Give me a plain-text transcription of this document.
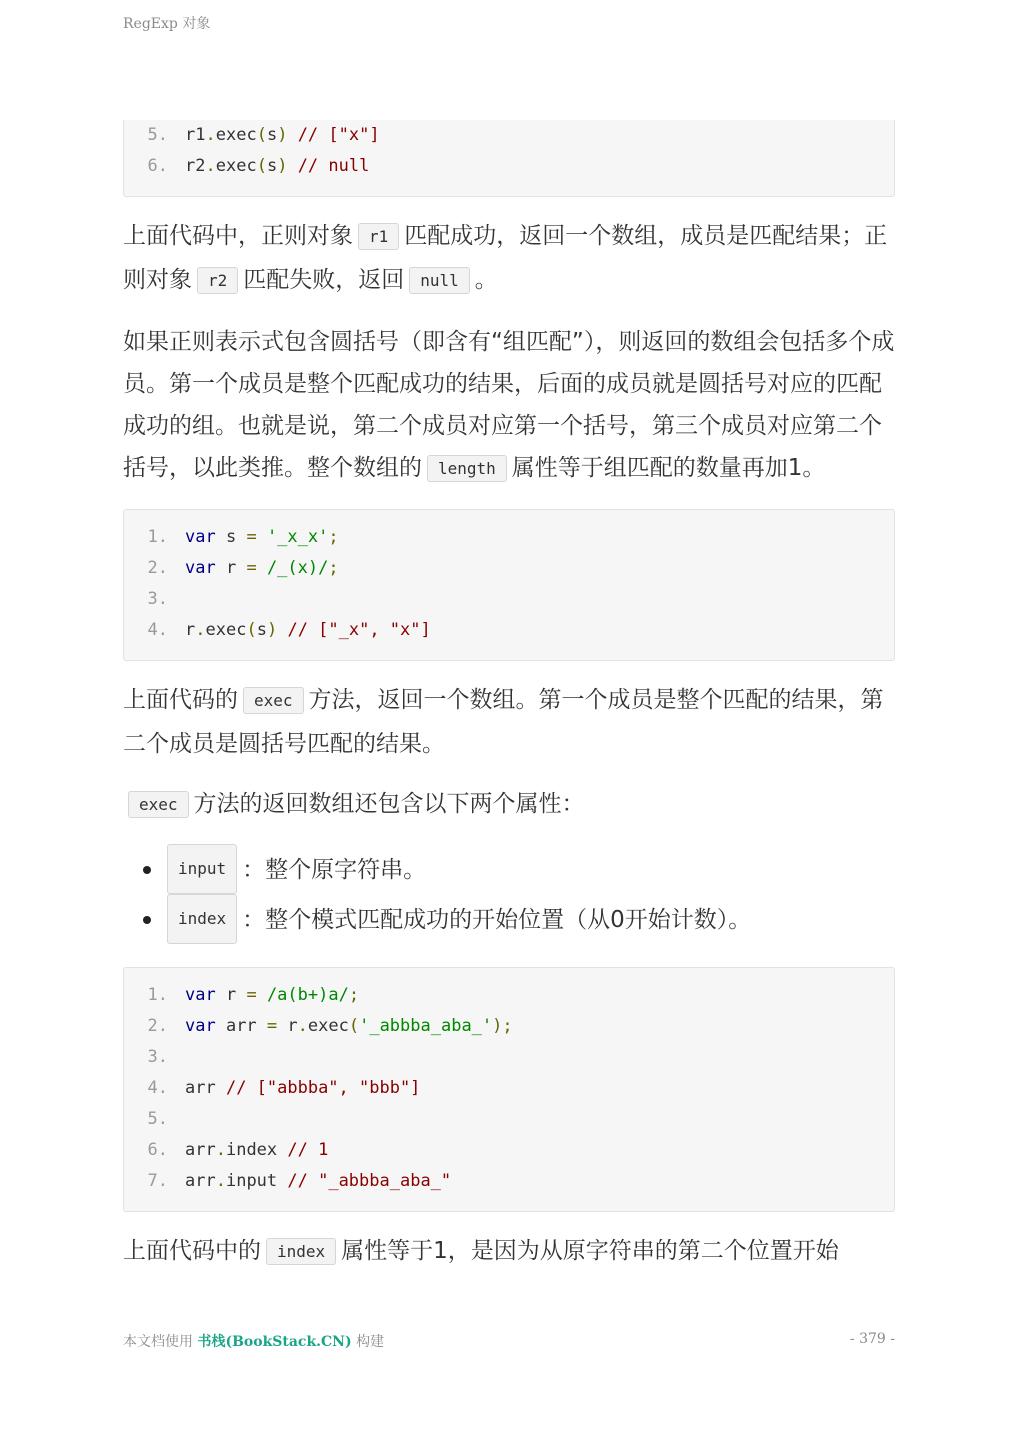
RegExp 对象
5.	r1.exec(s) // ["x"]
6.	r2.exec(s) // null

上面代码中，正则对象 r1 匹配成功，返回一个数组，成员是匹配结果；正则对象 r2 匹配失败，返回 null 。

如果正则表示式包含圆括号（即含有“组匹配”），则返回的数组会包括多个成员。第一个成员是整个匹配成功的结果，后面的成员就是圆括号对应的匹配成功的组。也就是说，第二个成员对应第一个括号，第三个成员对应第二个括号，以此类推。整个数组的 length 属性等于组匹配的数量再加1。

1.	var s = '_x_x';
2.	var r = /_(x)/;
3.
4.	r.exec(s) // ["_x", "x"]

上面代码的 exec 方法，返回一个数组。第一个成员是整个匹配的结果，第二个成员是圆括号匹配的结果。

exec 方法的返回数组还包含以下两个属性：

input ：整个原字符串。
index ：整个模式匹配成功的开始位置（从0开始计数）。
1.	var r = /a(b+)a/;
2.	var arr = r.exec('_abbba_aba_');
3.
4.	arr // ["abbba", "bbb"]
5.
6.	arr.index // 1
7.	arr.input // "_abbba_aba_"

上面代码中的 index 属性等于1，是因为从原字符串的第二个位置开始

本文档使用 书栈(BookStack.CN) 构建	- 379 -
